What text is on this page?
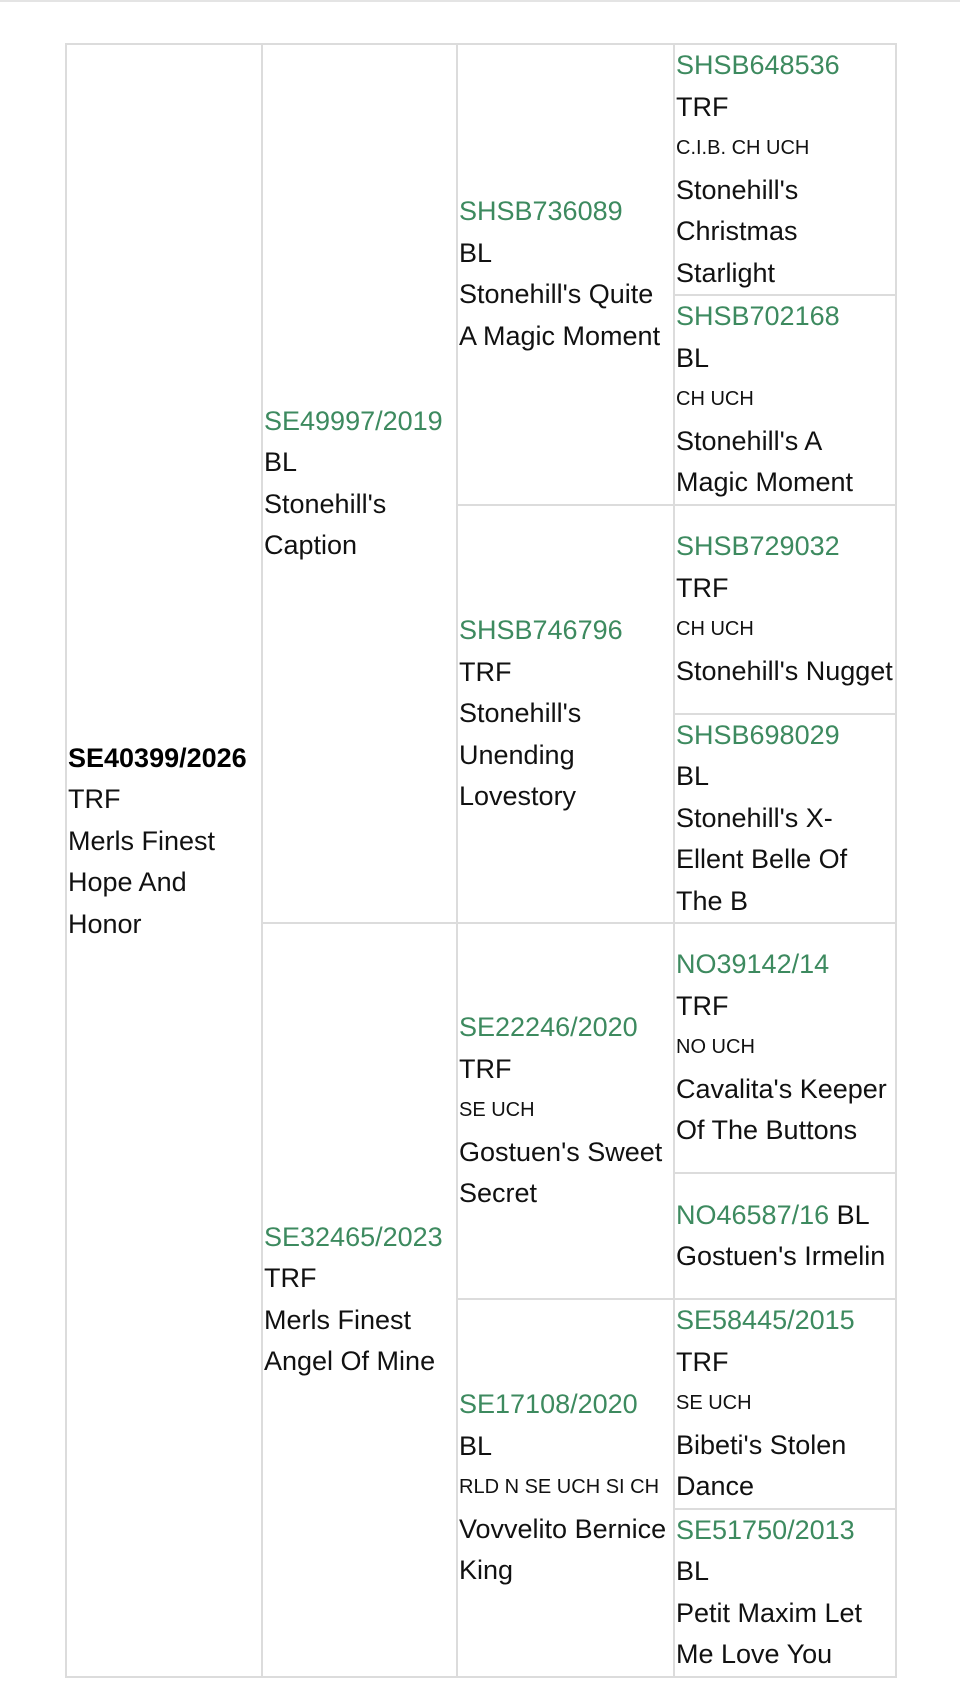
SE40399/2026
TRF
Merls Finest Hope And Honor	SE49997/2019
BL
Stonehill's Caption	SHSB736089
BL
Stonehill's Quite A Magic Moment	SHSB648536
TRF
C.I.B. CH UCH
Stonehill's Christmas Starlight

			SHSB702168
BL
CH UCH
Stonehill's A Magic Moment

		SHSB746796
TRF
Stonehill's Unending Lovestory	SHSB729032
TRF
CH UCH
Stonehill's Nugget

			SHSB698029
BL
Stonehill's X-Ellent Belle Of The B

	SE32465/2023
TRF
Merls Finest Angel Of Mine	SE22246/2020
TRF
SE UCH
Gostuen's Sweet Secret	NO39142/14
TRF
NO UCH
Cavalita's Keeper Of The Buttons

			NO46587/16 BL
Gostuen's Irmelin

		SE17108/2020
BL
RLD N SE UCH SI CH
Vovvelito Bernice King	SE58445/2015
TRF
SE UCH
Bibeti's Stolen Dance

			SE51750/2013
BL
Petit Maxim Let Me Love You
